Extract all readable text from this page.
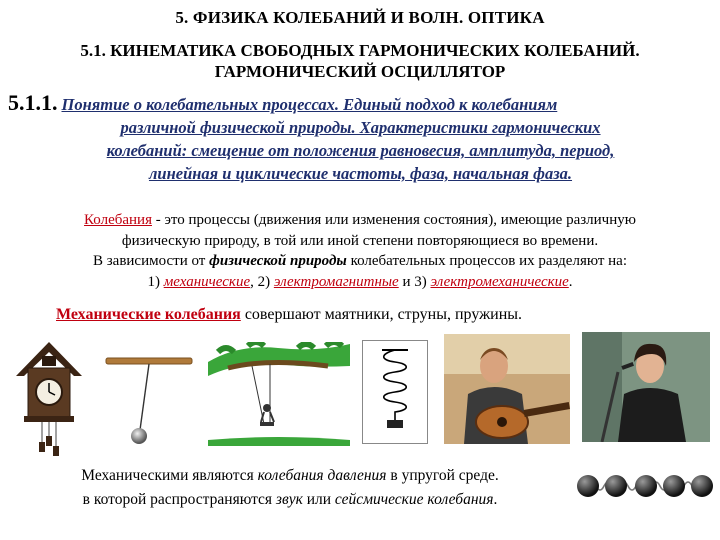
5. ФИЗИКА КОЛЕБАНИЙ И ВОЛН. ОПТИКА
5.1. КИНЕМАТИКА СВОБОДНЫХ ГАРМОНИЧЕСКИХ КОЛЕБАНИЙ.
ГАРМОНИЧЕСКИЙ ОСЦИЛЛЯТОР
5.1.1. Понятие о колебательных процессах. Единый подход к колебаниям
различной физической природы. Характеристики гармонических
колебаний: смещение от положения равновесия, амплитуда, период,
линейная и циклические частоты, фаза, начальная фаза.
Колебания - это процессы (движения или изменения состояния), имеющие различную
физическую природу, в той или иной степени повторяющиеся во времени.
В зависимости от физической природы колебательных процессов их разделяют на:
1) механические, 2) электромагнитные и 3) электромеханические.
Механические колебания совершают маятники, струны, пружины.
Механическими являются колебания давления в упругой среде.
в которой распространяются звук или сейсмические колебания.
